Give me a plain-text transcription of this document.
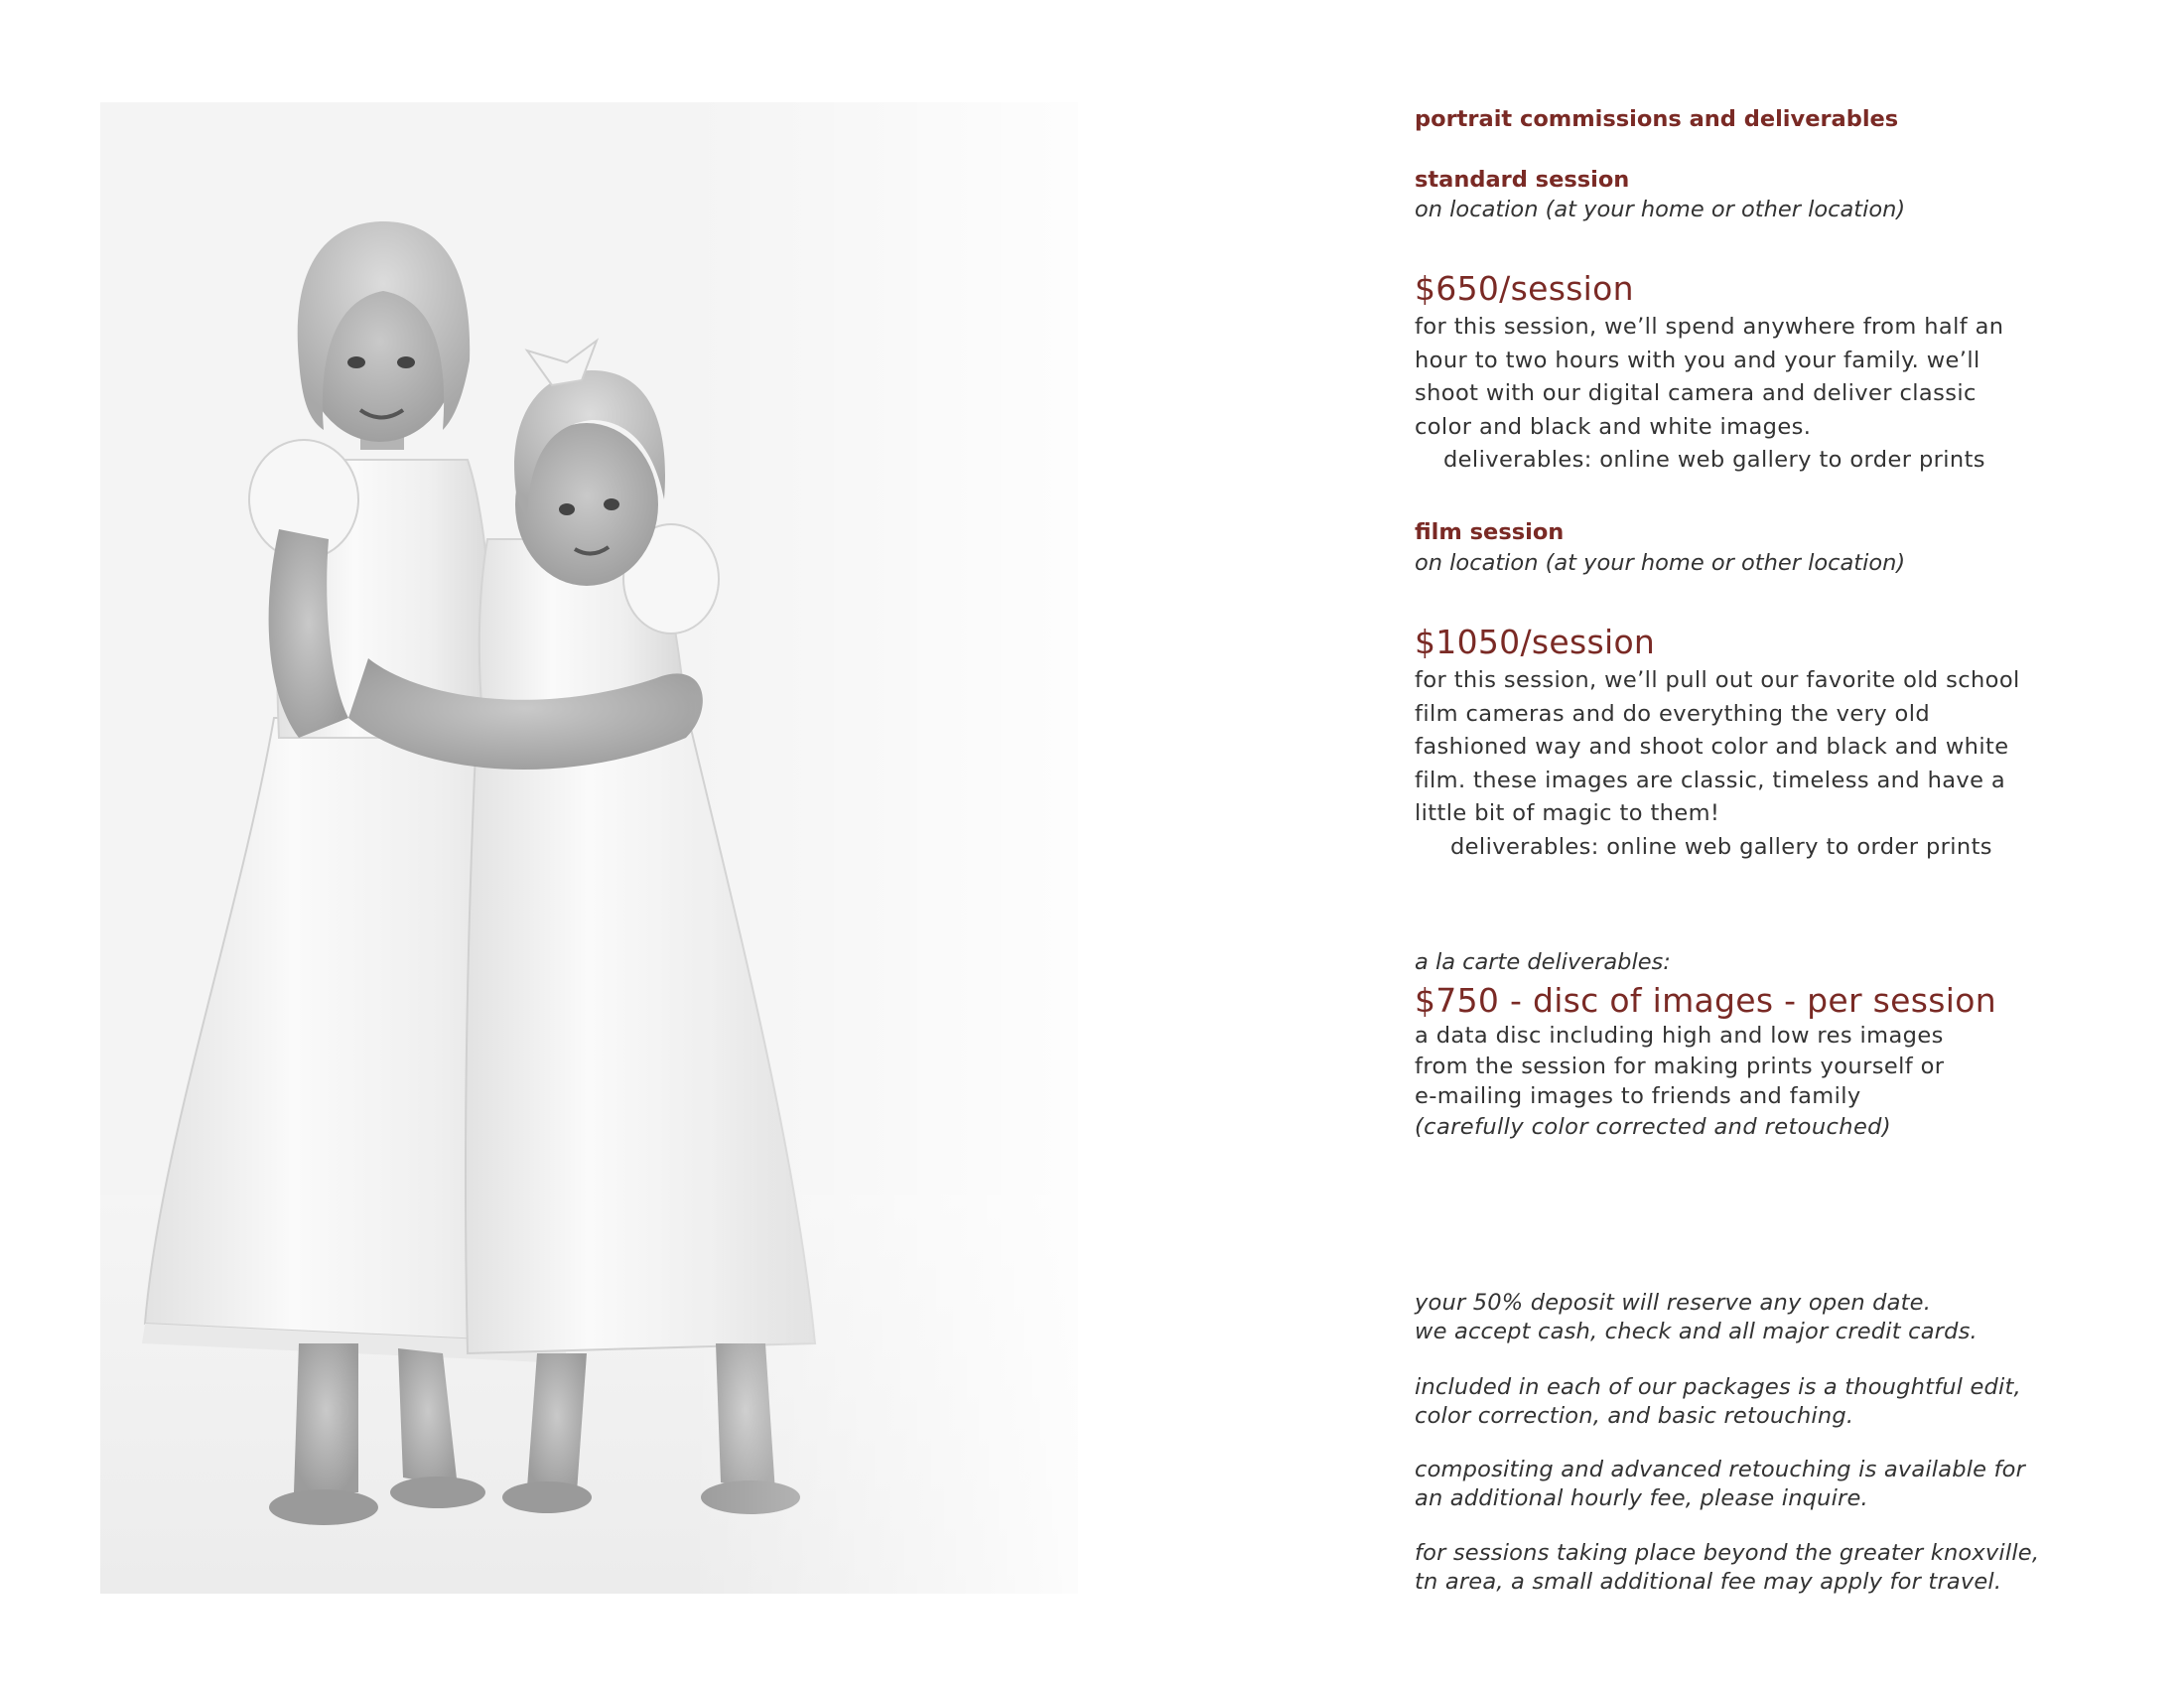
portrait commissions and deliverables
standard session

on location (at your home or other location)

$650/session

for this session, we’ll spend anywhere from half an
hour to two hours with you and your family. we’ll
shoot with our digital camera and deliver classic
color and black and white images.
deliverables: online web gallery to order prints
film session

on location (at your home or other location)

$1050/session

for this session, we’ll pull out our favorite old school
film cameras and do everything the very old
fashioned way and shoot color and black and white
film. these images are classic, timeless and have a
little bit of magic to them!
deliverables: online web gallery to order prints

a la carte deliverables:

$750 - disc of images - per session

a data disc including high and low res images
from the session for making prints yourself or
e-mailing images to friends and family
(carefully color corrected and retouched)
your 50% deposit will reserve any open date.
we accept cash, check and all major credit cards.
included in each of our packages is a thoughtful edit,
color correction, and basic retouching.
compositing and advanced retouching is available for
an additional hourly fee, please inquire.
for sessions taking place beyond the greater knoxville,
tn area, a small additional fee may apply for travel.
